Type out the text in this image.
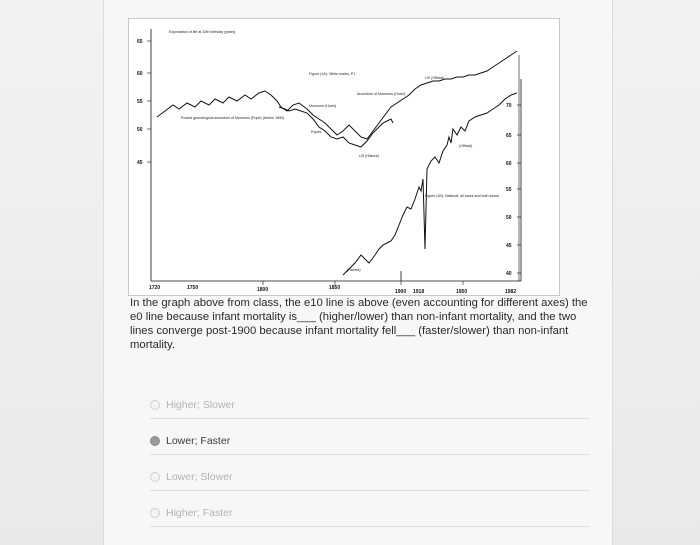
65
60
55
50
45
70
65
60
55
50
45
40
1720	1750	1800	1850
1900 1918	1950	1982
Expectation of life at 10th birthday (years)
Figure (1A): White males; P1
US (Official)
Mormons (Hurst)
Ancestors of Mormons (Hurst)
Popes
US (Historic)
Figure (1B): National; all races and both sexes
Pooled genealogical ancestors of Mormons (Pope) (before 1850)
(Haines)
(Official)
In the graph above from class, the e10 line is above (even accounting for different axes) the e0 line because infant mortality is___ (higher/lower) than non-infant mortality, and the two lines converge post-1900 because infant mortality fell___ (faster/slower) than non-infant mortality.
Higher; Slower
Lower; Faster
Lower; Slower
Higher; Faster
